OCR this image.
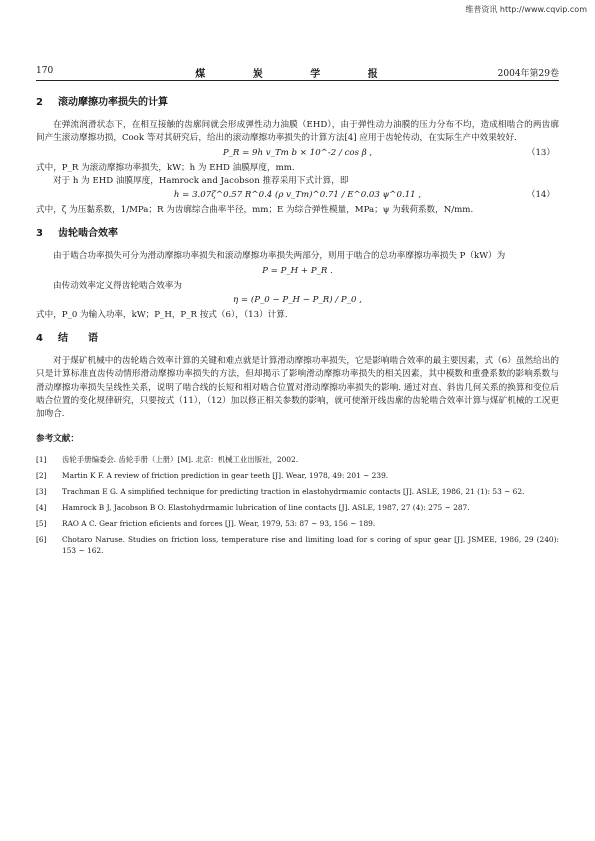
维普资讯 http://www.cqvip.com
170	煤 炭 学 报	2004年第29卷
2 滚动摩擦功率损失的计算

在弹流润滑状态下，在相互接触的齿廓间就会形成弹性动力油膜（EHD），由于弹性动力油膜的压力分布不均，造成相啮合的两齿廓间产生滚动摩擦功损，Cook 等对其研究后，给出的滚动摩擦功率损失的计算方法[4] 应用于齿轮传动，在实际生产中效果较好.

P_R = 9h v_Tm b × 10^-2 / cos β ,	（13）

式中，P_R 为滚动摩擦功率损失，kW；h 为 EHD 油膜厚度，mm.

对于 h 为 EHD 油膜厚度，Hamrock and Jacobson 推荐采用下式计算，即

h = 3.07ζ^0.57 R^0.4 (ρ v_Tm)^0.71 / E^0.03 ψ^0.11 ,	（14）

式中，ζ 为压黏系数，1/MPa；R 为齿廓综合曲率半径，mm；E 为综合弹性模量，MPa；ψ 为载荷系数，N/mm.

3 齿轮啮合效率

由于啮合功率损失可分为滑动摩擦功率损失和滚动摩擦功率损失两部分，则用于啮合的总功率摩擦功率损失 P（kW）为

P = P_H + P_R .

由传动效率定义得齿轮啮合效率为

η = (P_0 − P_H − P_R) / P_0 ,

式中，P_0 为输入功率，kW；P_H，P_R 按式（6），（13）计算.

4 结　　语

对于煤矿机械中的齿轮啮合效率计算的关键和难点就是计算滑动摩擦功率损失，它是影响啮合效率的最主要因素，式（6）虽然给出的只是计算标准直齿传动情形滑动摩擦功率损失的方法，但却揭示了影响滑动摩擦功率损失的相关因素，其中模数和重叠系数的影响系数与滑动摩擦功率损失呈线性关系，说明了啮合线的长短和相对啮合位置对滑动摩擦功率损失的影响. 通过对直、斜齿几何关系的换算和变位后啮合位置的变化规律研究，只要按式（11），（12）加以修正相关参数的影响，就可使渐开线齿廓的齿轮啮合效率计算与煤矿机械的工况更加吻合.

参考文献：
[1]	齿轮手册编委会. 齿轮手册（上册）[M]. 北京：机械工业出版社，2002.
[2]	Martin K F. A review of friction prediction in gear teeth [J]. Wear, 1978, 49: 201 ~ 239.
[3]	Trachman E G. A simplified technique for predicting traction in elastohydrmamic contacts [J]. ASLE, 1986, 21 (1): 53 ~ 62.
[4]	Hamrock B J, Jacobson B O. Elastohydrmamic lubrication of line contacts [J]. ASLE, 1987, 27 (4): 275 ~ 287.
[5]	RAO A C. Gear friction eficients and forces [J]. Wear, 1979, 53: 87 ~ 93, 156 ~ 189.
[6]	Chotaro Naruse. Studies on friction loss, temperature rise and limiting load for s coring of spur gear [J]. JSMEE, 1986, 29 (240): 153 ~ 162.
